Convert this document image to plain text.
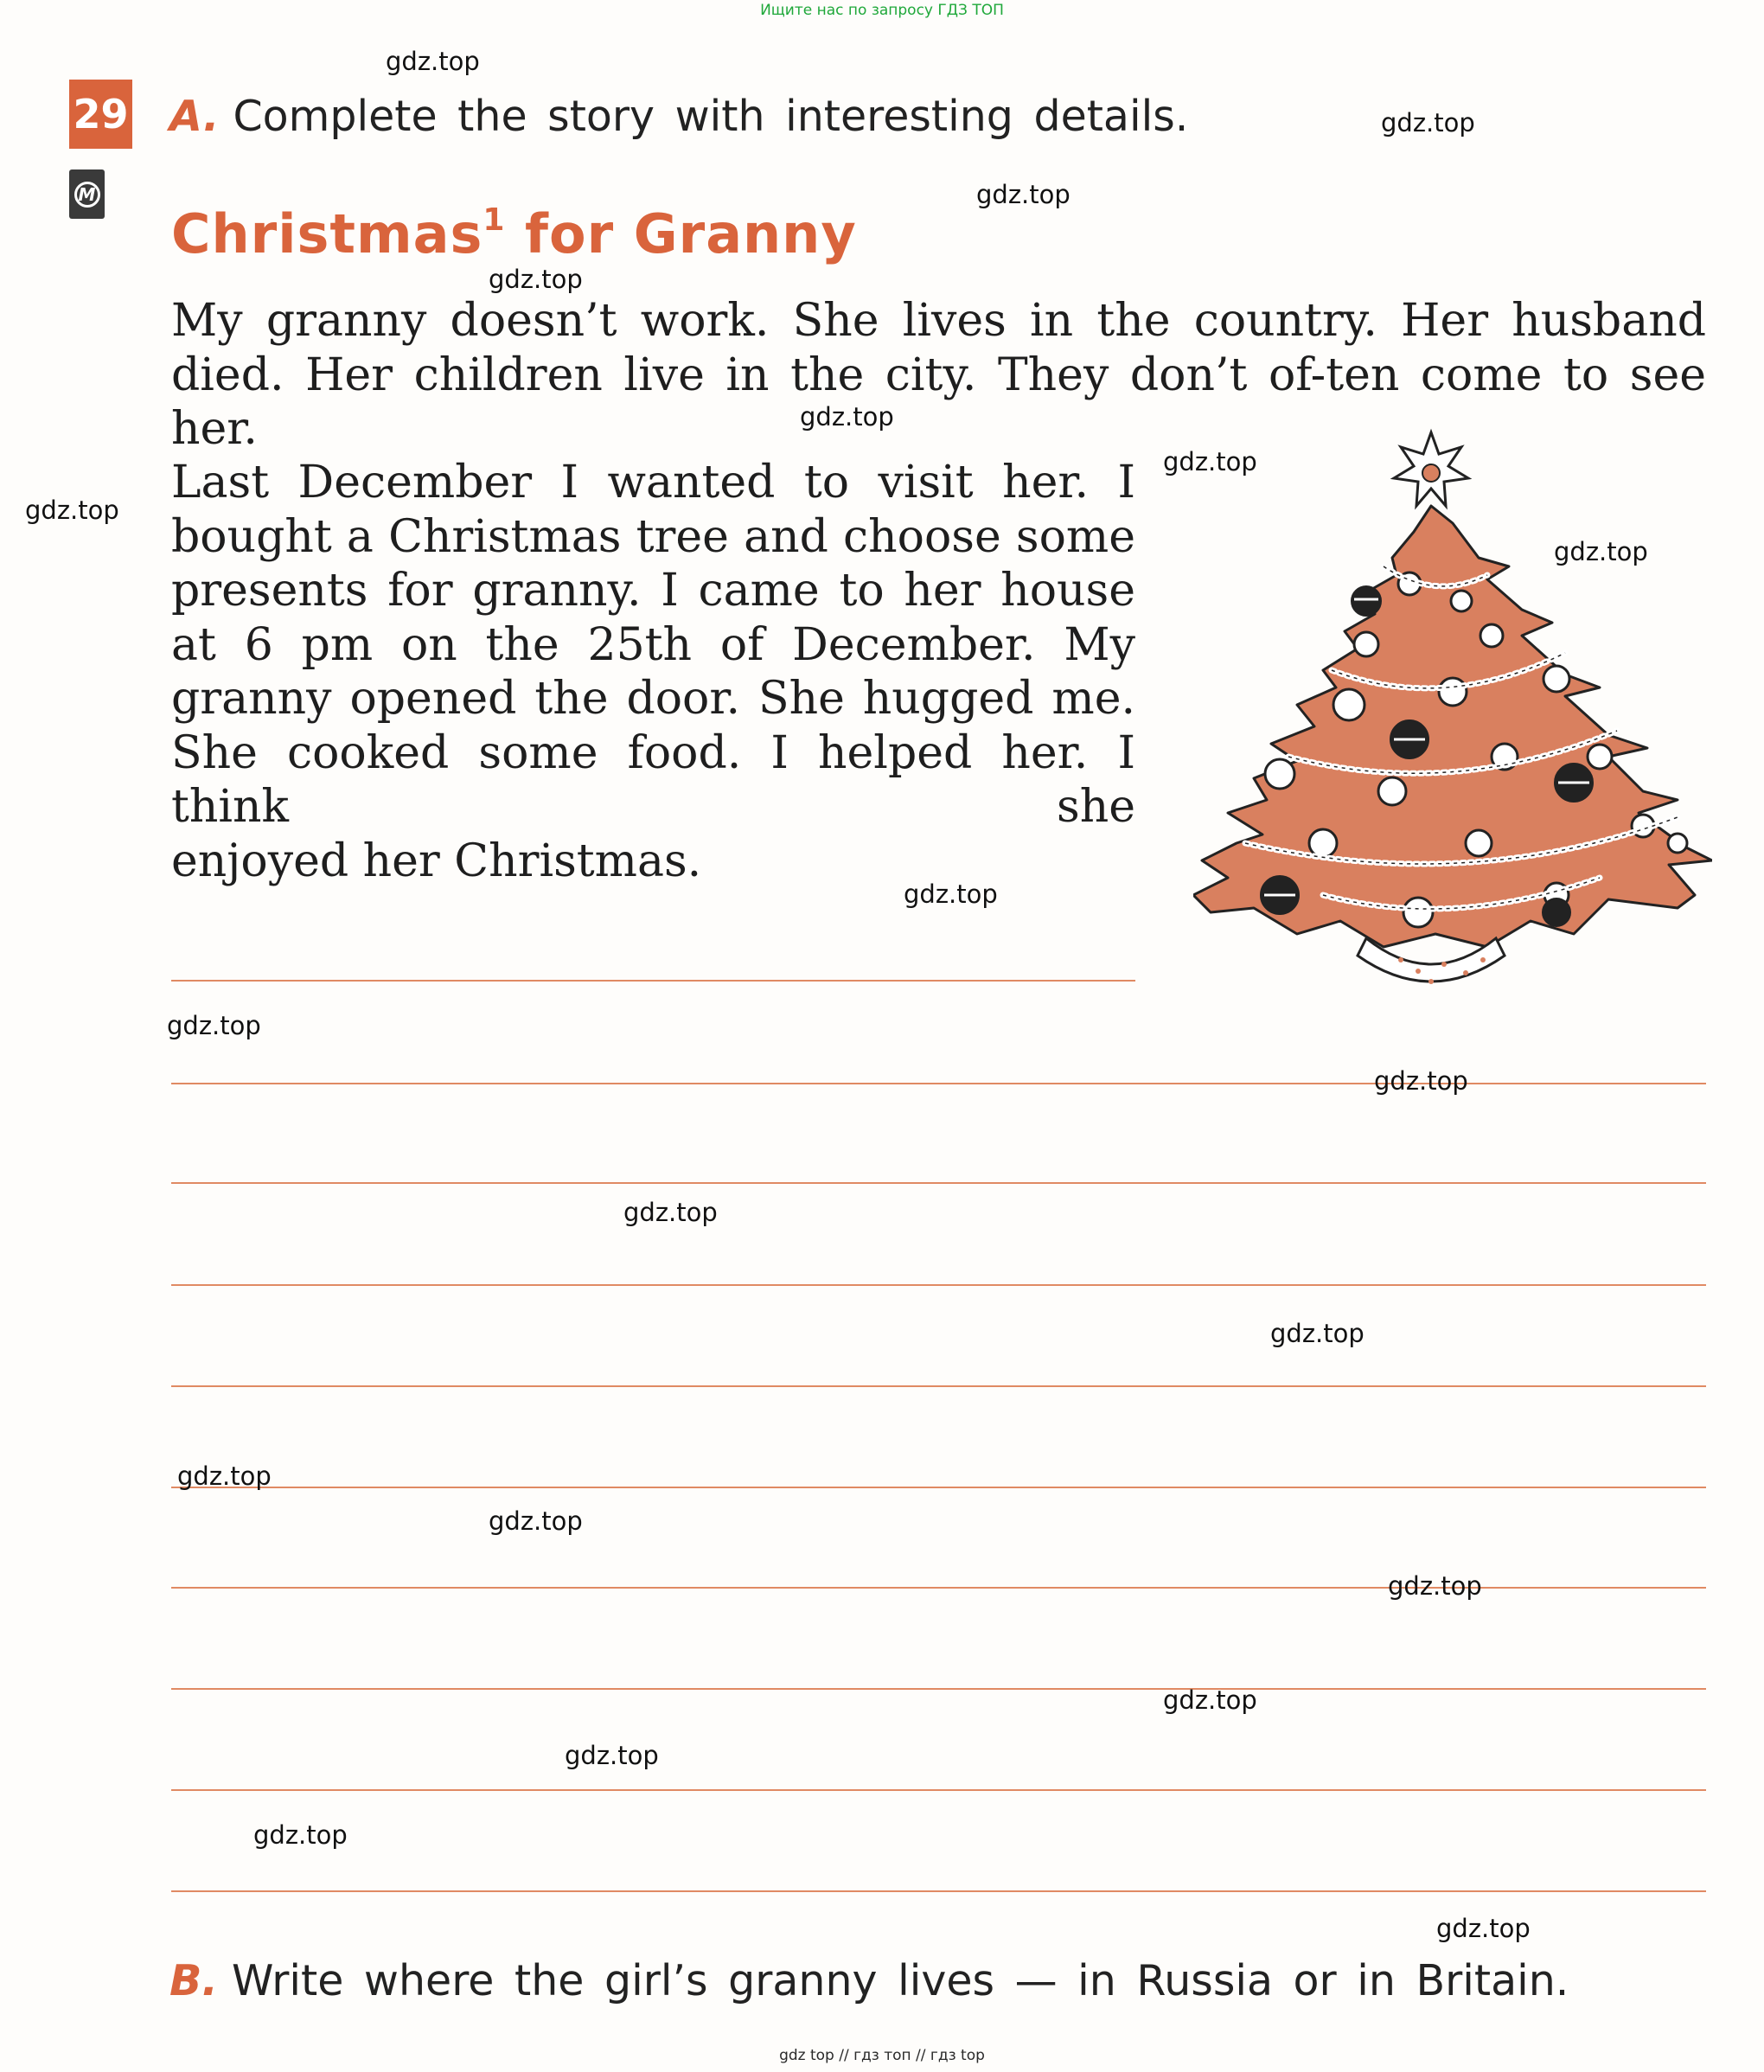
Ищите нас по запросу ГДЗ ТОП
29
M
A. Complete the story with interesting details.
Christmas$^1$ for Granny

My granny doesn’t work. She lives in the country. Her husband died. Her children live in the city. They don’t of-ten come to see her.

Last December I wanted to visit her. I bought a Christmas tree and choose some presents for granny. I came to her house at 6 pm on the 25th of December. My granny opened the door. She hugged me. She cooked some food. I helped her. I think she

enjoyed her Christmas.

B. Write where the girl’s granny lives — in Russia or in Britain.
gdz.top
gdz.top
gdz.top
gdz.top
gdz.top
gdz.top
gdz.top
gdz.top
gdz.top
gdz.top
gdz.top
gdz.top
gdz.top
gdz.top
gdz.top
gdz.top
gdz.top
gdz.top
gdz.top
gdz.top
gdz top // гдз топ // гдз top
